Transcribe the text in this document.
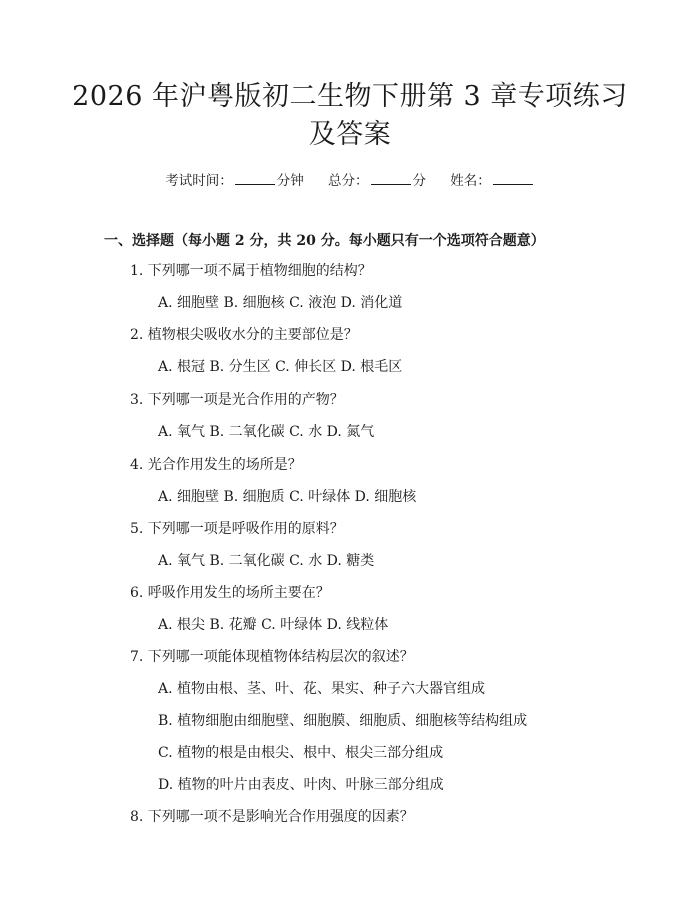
2026 年沪粤版初二生物下册第 3 章专项练习
及答案
考试时间：	分钟 总分：	分 姓名：
一、选择题（每小题 2 分，共 20 分。每小题只有一个选项符合题意）
1. 下列哪一项不属于植物细胞的结构？
A. 细胞壁 B. 细胞核 C. 液泡 D. 消化道
2. 植物根尖吸收水分的主要部位是？
A. 根冠 B. 分生区 C. 伸长区 D. 根毛区
3. 下列哪一项是光合作用的产物？
A. 氧气 B. 二氧化碳 C. 水 D. 氮气
4. 光合作用发生的场所是？
A. 细胞壁 B. 细胞质 C. 叶绿体 D. 细胞核
5. 下列哪一项是呼吸作用的原料？
A. 氧气 B. 二氧化碳 C. 水 D. 糖类
6. 呼吸作用发生的场所主要在？
A. 根尖 B. 花瓣 C. 叶绿体 D. 线粒体
7. 下列哪一项能体现植物体结构层次的叙述？
A. 植物由根、茎、叶、花、果实、种子六大器官组成
B. 植物细胞由细胞壁、细胞膜、细胞质、细胞核等结构组成
C. 植物的根是由根尖、根中、根尖三部分组成
D. 植物的叶片由表皮、叶肉、叶脉三部分组成
8. 下列哪一项不是影响光合作用强度的因素？
